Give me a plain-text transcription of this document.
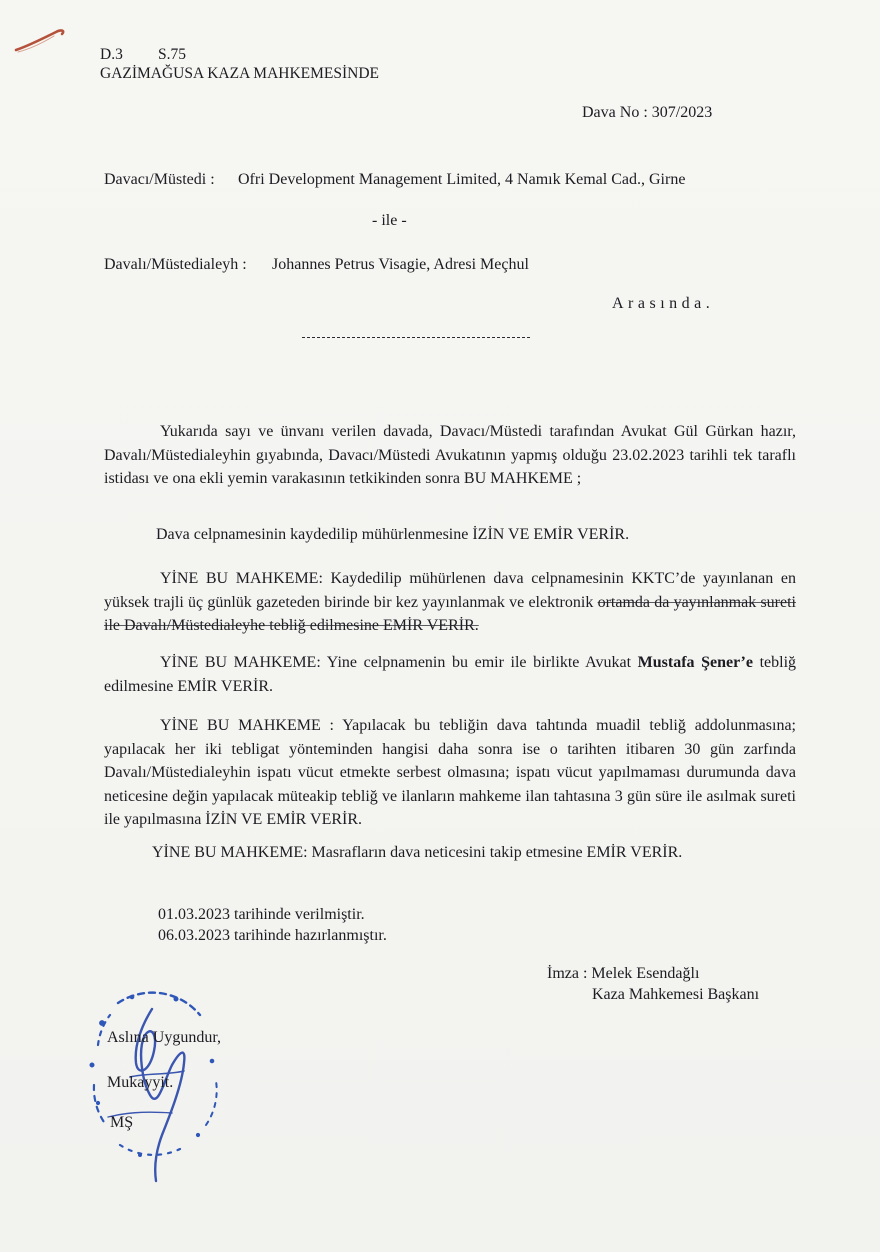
D.3 S.75
GAZİMAĞUSA KAZA MAHKEMESİNDE
Dava No : 307/2023
Davacı/Müstedi : Ofri Development Management Limited, 4 Namık Kemal Cad., Girne
- ile -
Davalı/Müstedialeyh : Johannes Petrus Visagie, Adresi Meçhul
Arasında.
Yukarıda sayı ve ünvanı verilen davada, Davacı/Müstedi tarafından Avukat Gül Gürkan hazır, Davalı/Müstedialeyhin gıyabında, Davacı/Müstedi Avukatının yapmış olduğu 23.02.2023 tarihli tek taraflı istidası ve ona ekli yemin varakasının tetkikinden sonra BU MAHKEME ;
Dava celpnamesinin kaydedilip mühürlenmesine İZİN VE EMİR VERİR.
YİNE BU MAHKEME: Kaydedilip mühürlenen dava celpnamesinin KKTC’de yayınlanan en yüksek trajli üç günlük gazeteden birinde bir kez yayınlanmak ve elektronik ortamda da yayınlanmak sureti ile Davalı/Müstedialeyhe tebliğ edilmesine EMİR VERİR.
YİNE BU MAHKEME: Yine celpnamenin bu emir ile birlikte Avukat Mustafa Şener’e tebliğ edilmesine EMİR VERİR.
YİNE BU MAHKEME : Yapılacak bu tebliğin dava tahtında muadil tebliğ addolunmasına; yapılacak her iki tebligat yönteminden hangisi daha sonra ise o tarihten itibaren 30 gün zarfında Davalı/Müstedialeyhin ispatı vücut etmekte serbest olmasına; ispatı vücut yapılmaması durumunda dava neticesine değin yapılacak müteakip tebliğ ve ilanların mahkeme ilan tahtasına 3 gün süre ile asılmak sureti ile yapılmasına İZİN VE EMİR VERİR.
YİNE BU MAHKEME: Masrafların dava neticesini takip etmesine EMİR VERİR.
01.03.2023 tarihinde verilmiştir.
06.03.2023 tarihinde hazırlanmıştır.
İmza : Melek Esendağlı
Kaza Mahkemesi Başkanı
Aslına Uygundur,
Mukayyit.
MŞ
